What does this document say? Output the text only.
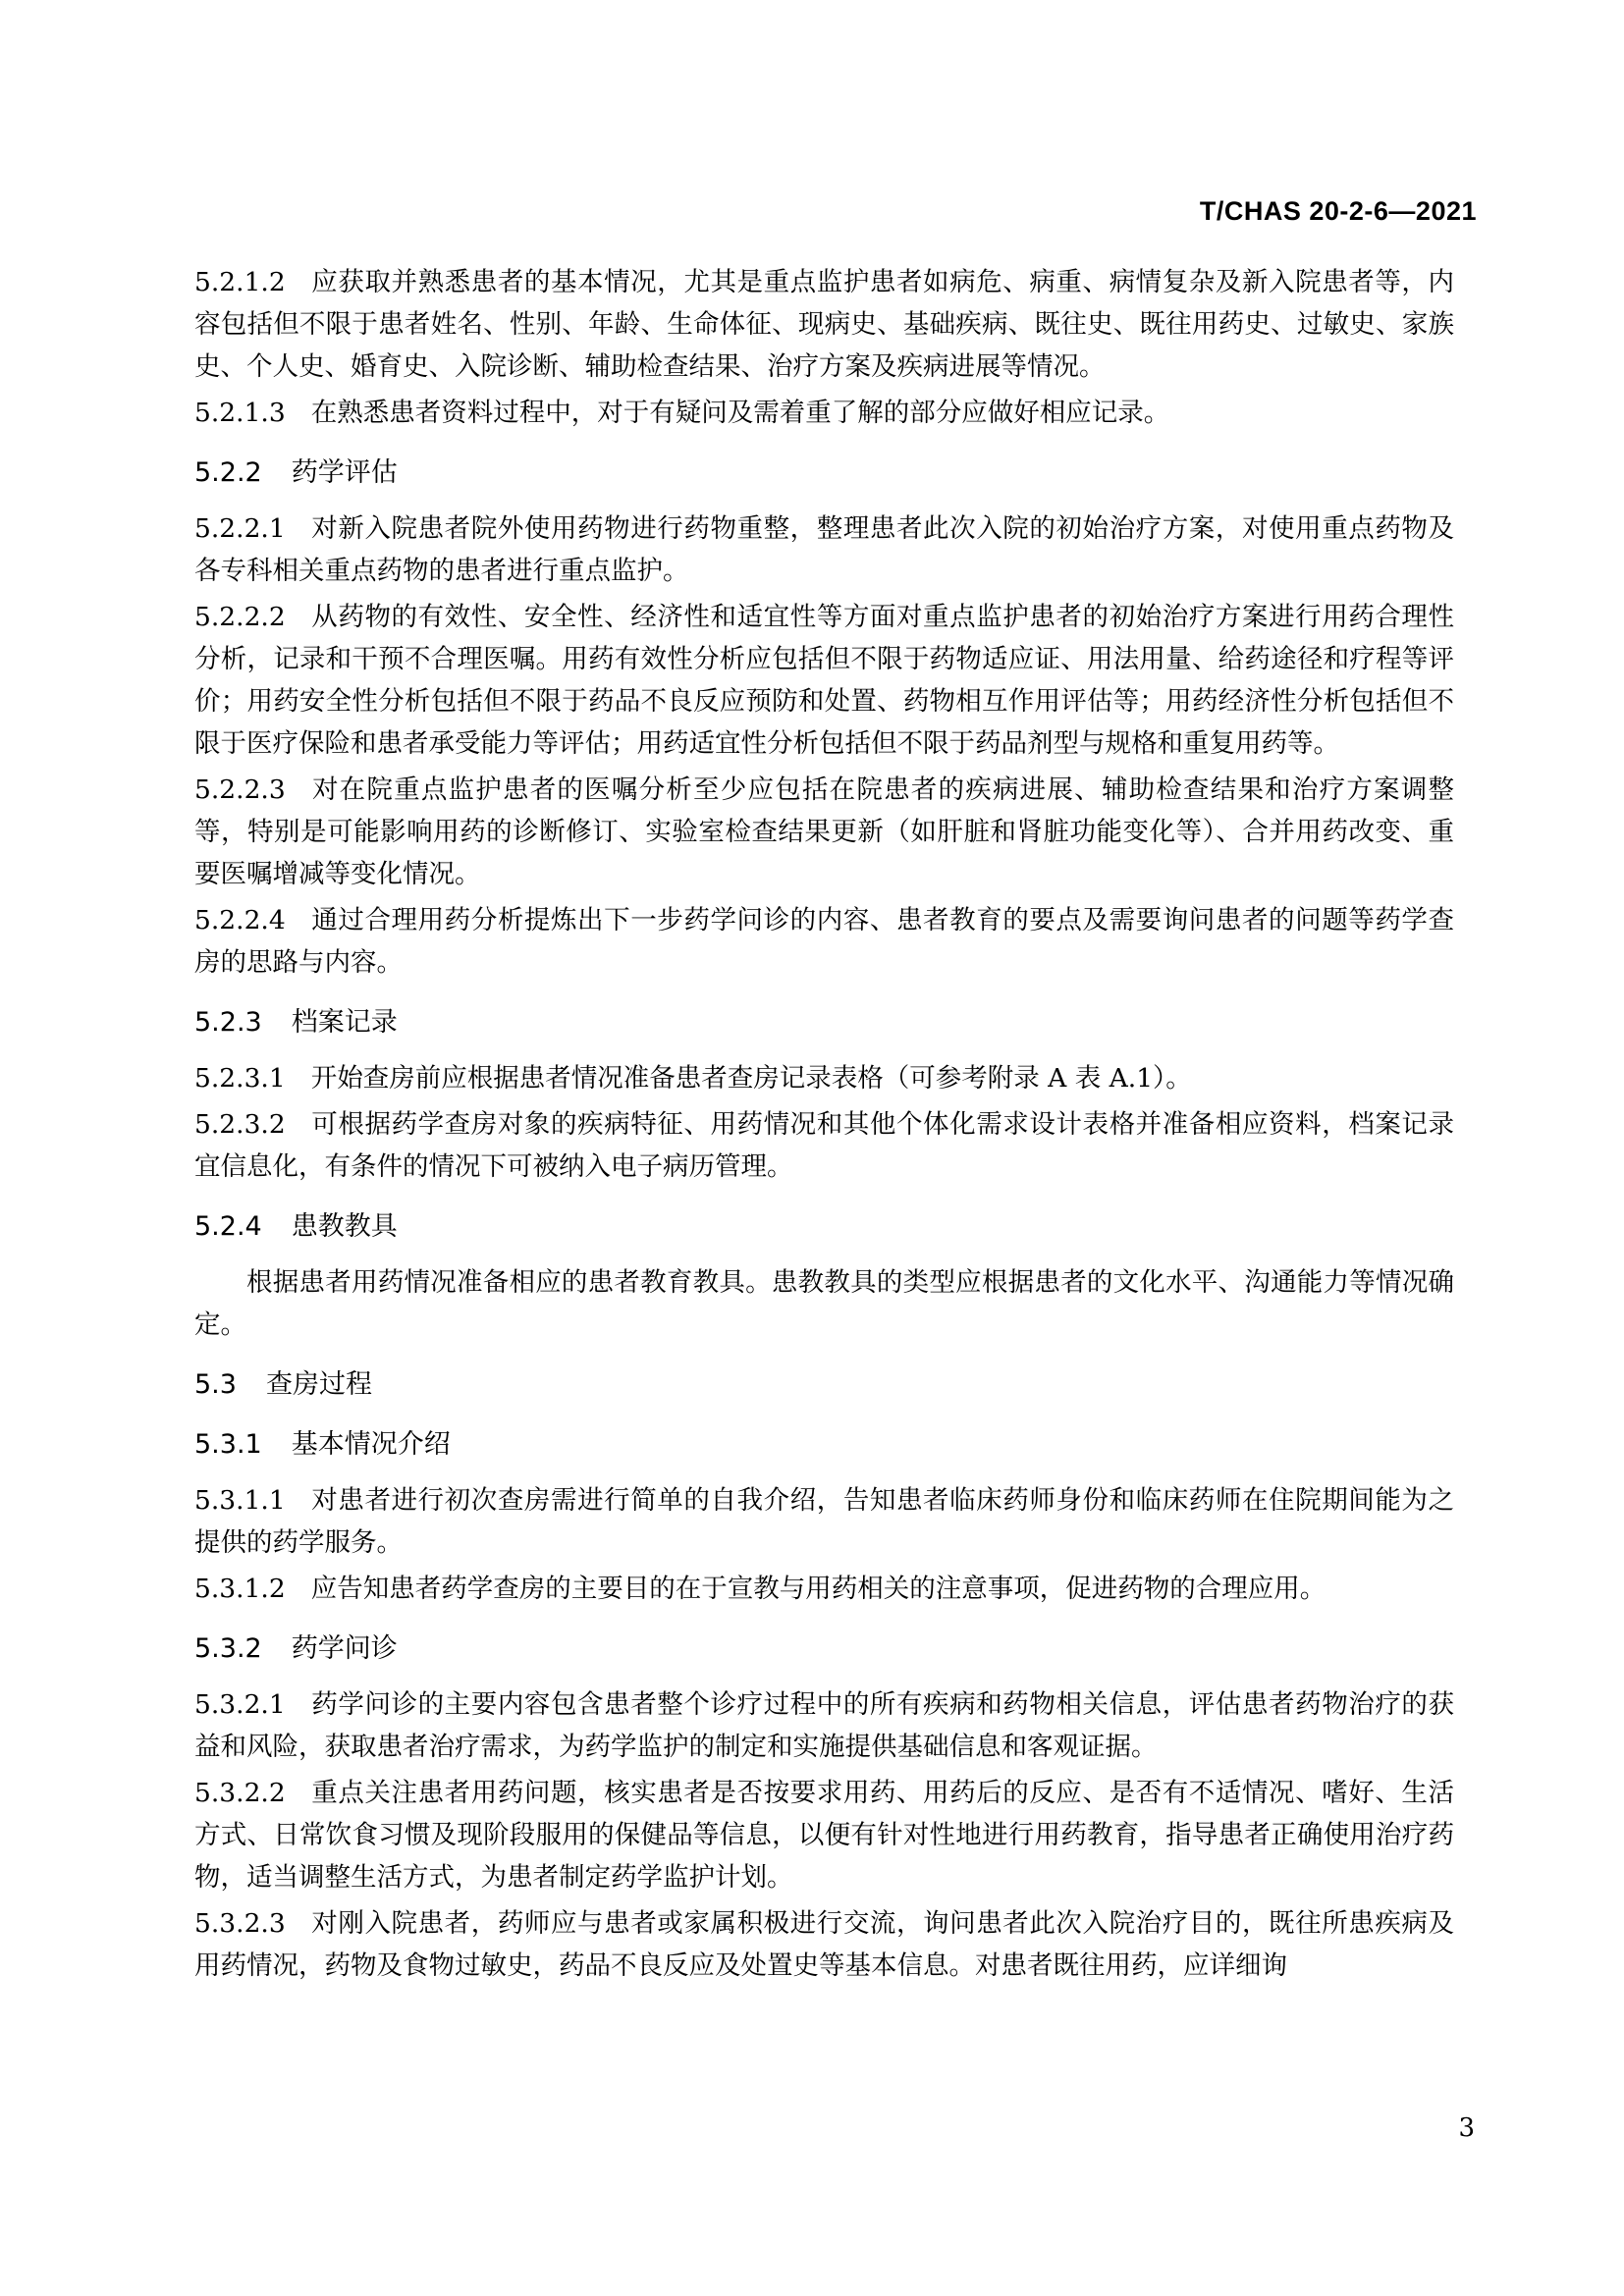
T/CHAS 20-2-6—2021
5.2.1.2 应获取并熟悉患者的基本情况，尤其是重点监护患者如病危、病重、病情复杂及新入院患者等，内容包括但不限于患者姓名、性别、年龄、生命体征、现病史、基础疾病、既往史、既往用药史、过敏史、家族史、个人史、婚育史、入院诊断、辅助检查结果、治疗方案及疾病进展等情况。
5.2.1.3 在熟悉患者资料过程中，对于有疑问及需着重了解的部分应做好相应记录。
5.2.2 药学评估
5.2.2.1 对新入院患者院外使用药物进行药物重整，整理患者此次入院的初始治疗方案，对使用重点药物及各专科相关重点药物的患者进行重点监护。
5.2.2.2 从药物的有效性、安全性、经济性和适宜性等方面对重点监护患者的初始治疗方案进行用药合理性分析，记录和干预不合理医嘱。用药有效性分析应包括但不限于药物适应证、用法用量、给药途径和疗程等评价；用药安全性分析包括但不限于药品不良反应预防和处置、药物相互作用评估等；用药经济性分析包括但不限于医疗保险和患者承受能力等评估；用药适宜性分析包括但不限于药品剂型与规格和重复用药等。
5.2.2.3 对在院重点监护患者的医嘱分析至少应包括在院患者的疾病进展、辅助检查结果和治疗方案调整等，特别是可能影响用药的诊断修订、实验室检查结果更新（如肝脏和肾脏功能变化等）、合并用药改变、重要医嘱增减等变化情况。
5.2.2.4 通过合理用药分析提炼出下一步药学问诊的内容、患者教育的要点及需要询问患者的问题等药学查房的思路与内容。
5.2.3 档案记录
5.2.3.1 开始查房前应根据患者情况准备患者查房记录表格（可参考附录 A 表 A.1）。
5.2.3.2 可根据药学查房对象的疾病特征、用药情况和其他个体化需求设计表格并准备相应资料，档案记录宜信息化，有条件的情况下可被纳入电子病历管理。
5.2.4 患教教具
根据患者用药情况准备相应的患者教育教具。患教教具的类型应根据患者的文化水平、沟通能力等情况确定。
5.3 查房过程
5.3.1 基本情况介绍
5.3.1.1 对患者进行初次查房需进行简单的自我介绍，告知患者临床药师身份和临床药师在住院期间能为之提供的药学服务。
5.3.1.2 应告知患者药学查房的主要目的在于宣教与用药相关的注意事项，促进药物的合理应用。
5.3.2 药学问诊
5.3.2.1 药学问诊的主要内容包含患者整个诊疗过程中的所有疾病和药物相关信息，评估患者药物治疗的获益和风险，获取患者治疗需求，为药学监护的制定和实施提供基础信息和客观证据。
5.3.2.2 重点关注患者用药问题，核实患者是否按要求用药、用药后的反应、是否有不适情况、嗜好、生活方式、日常饮食习惯及现阶段服用的保健品等信息，以便有针对性地进行用药教育，指导患者正确使用治疗药物，适当调整生活方式，为患者制定药学监护计划。
5.3.2.3 对刚入院患者，药师应与患者或家属积极进行交流，询问患者此次入院治疗目的，既往所患疾病及用药情况，药物及食物过敏史，药品不良反应及处置史等基本信息。对患者既往用药，应详细询
3
